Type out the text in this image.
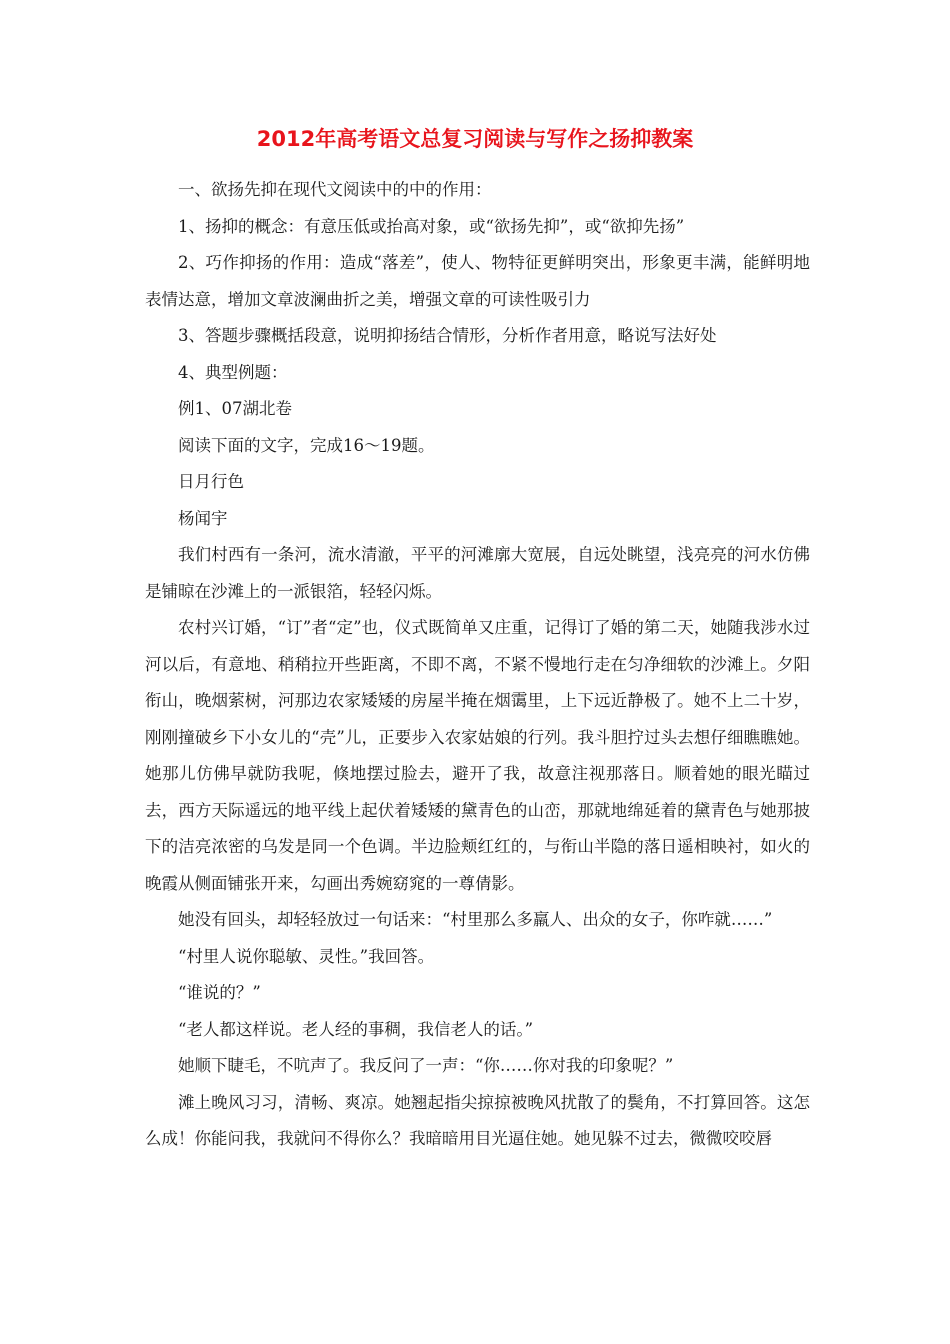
2012年高考语文总复习阅读与写作之扬抑教案

一、欲扬先抑在现代文阅读中的中的作用：

1、扬抑的概念：有意压低或抬高对象，或“欲扬先抑”，或“欲抑先扬”

2、巧作抑扬的作用：造成“落差”，使人、物特征更鲜明突出，形象更丰满，能鲜明地表情达意，增加文章波澜曲折之美，增强文章的可读性吸引力

3、答题步骤概括段意，说明抑扬结合情形，分析作者用意，略说写法好处

4、典型例题：

例1、07湖北卷

阅读下面的文字，完成16～19题。

日月行色

杨闻宇

我们村西有一条河，流水清澈，平平的河滩廓大宽展，自远处眺望，浅亮亮的河水仿佛是铺晾在沙滩上的一派银箔，轻轻闪烁。

农村兴订婚，“订”者“定”也，仪式既简单又庄重，记得订了婚的第二天，她随我涉水过河以后，有意地、稍稍拉开些距离，不即不离，不紧不慢地行走在匀净细软的沙滩上。夕阳衔山，晚烟萦树，河那边农家矮矮的房屋半掩在烟霭里，上下远近静极了。她不上二十岁，刚刚撞破乡下小女儿的“壳”儿，正要步入农家姑娘的行列。我斗胆拧过头去想仔细瞧瞧她。她那儿仿佛早就防我呢，倏地摆过脸去，避开了我，故意注视那落日。顺着她的眼光瞄过去，西方天际遥远的地平线上起伏着矮矮的黛青色的山峦，那就地绵延着的黛青色与她那披下的洁亮浓密的乌发是同一个色调。半边脸颊红红的，与衔山半隐的落日遥相映衬，如火的晚霞从侧面铺张开来，勾画出秀婉窈窕的一尊倩影。

她没有回头，却轻轻放过一句话来：“村里那么多羸人、出众的女子，你咋就……”

“村里人说你聪敏、灵性。”我回答。

“谁说的？”

“老人都这样说。老人经的事稠，我信老人的话。”

她顺下睫毛，不吭声了。我反问了一声：“你……你对我的印象呢？”

滩上晚风习习，清畅、爽凉。她翘起指尖掠掠被晚风扰散了的鬓角，不打算回答。这怎么成！你能问我，我就问不得你么？我暗暗用目光逼住她。她见躲不过去，微微咬咬唇
